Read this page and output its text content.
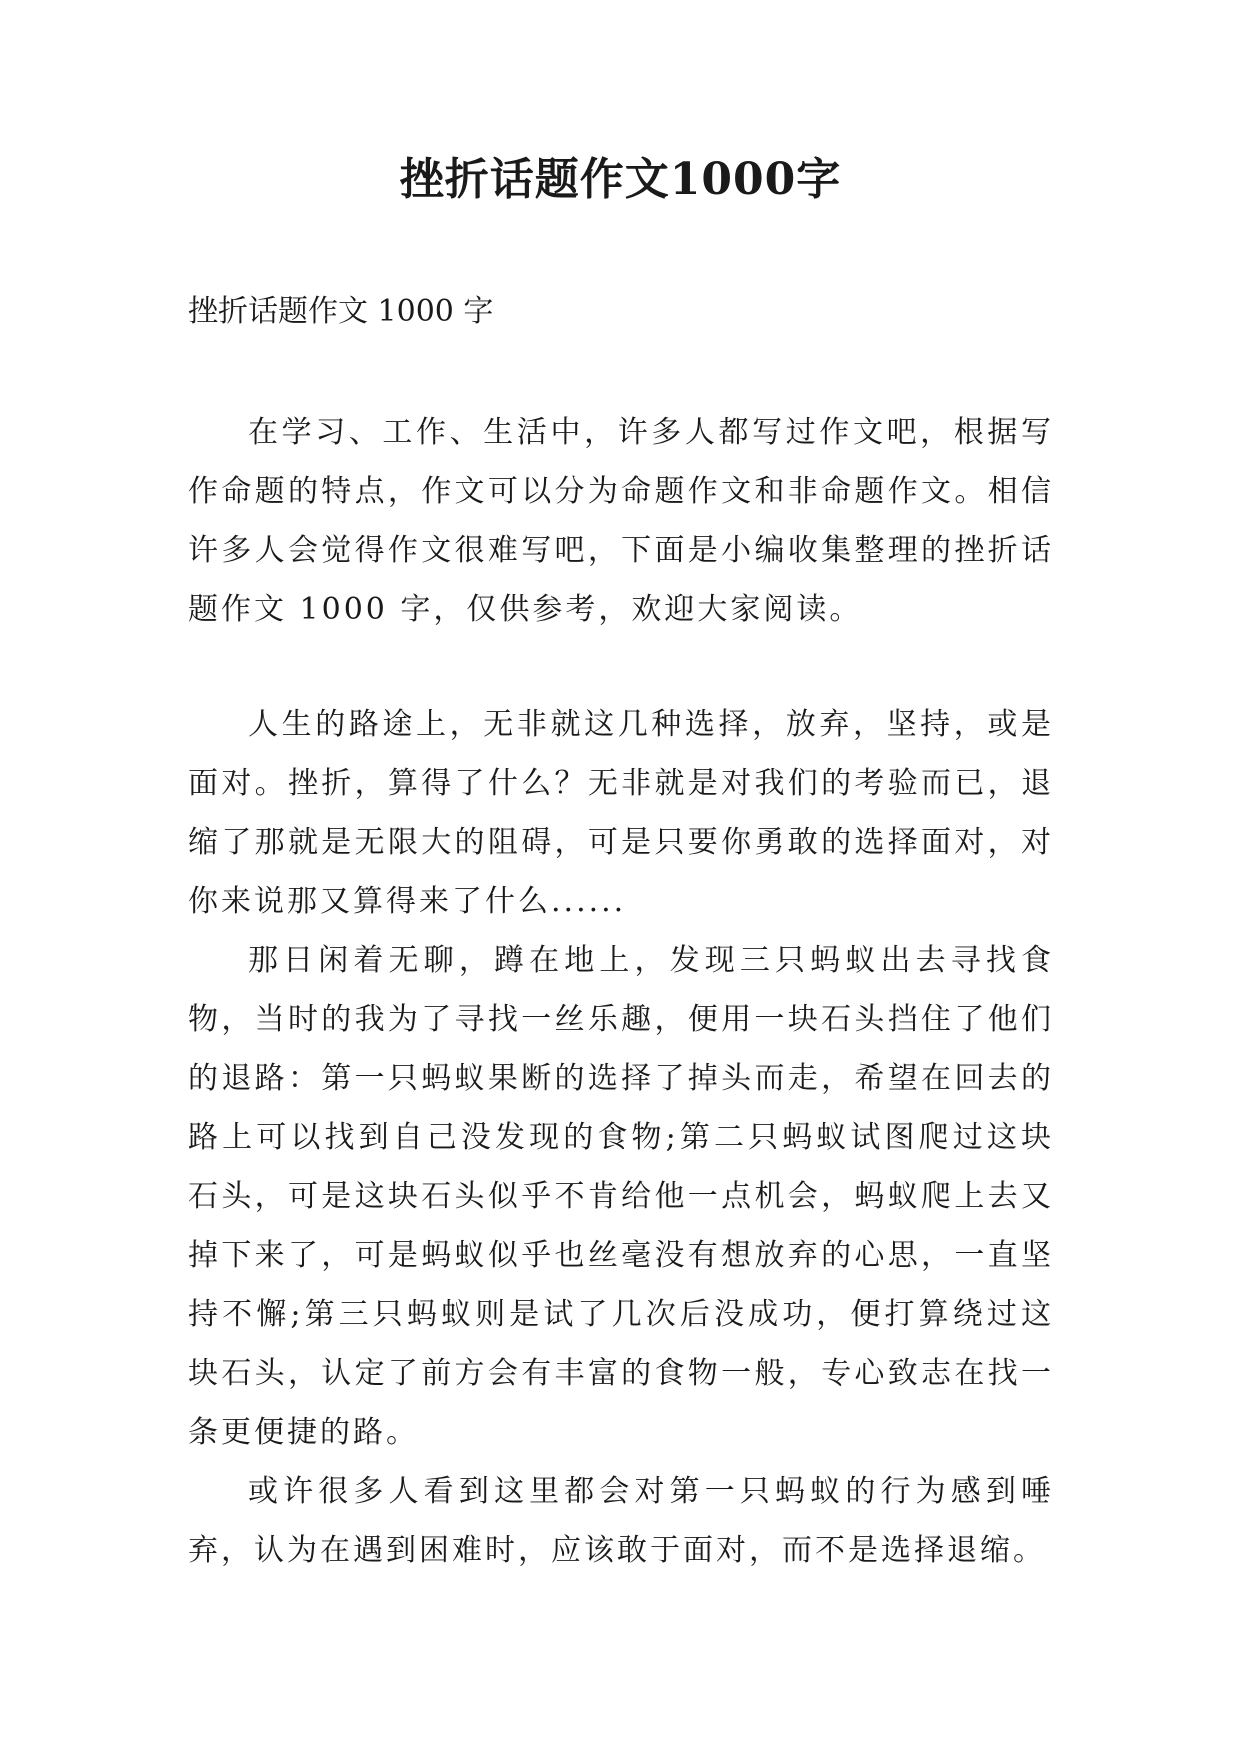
挫折话题作文1000字
挫折话题作文 1000 字

在学习、工作、生活中，许多人都写过作文吧，根据写作命题的特点，作文可以分为命题作文和非命题作文。相信许多人会觉得作文很难写吧，下面是小编收集整理的挫折话题作文 1000 字，仅供参考，欢迎大家阅读。

人生的路途上，无非就这几种选择，放弃，坚持，或是面对。挫折，算得了什么？无非就是对我们的考验而已，退缩了那就是无限大的阻碍，可是只要你勇敢的选择面对，对你来说那又算得来了什么......

那日闲着无聊，蹲在地上，发现三只蚂蚁出去寻找食物，当时的我为了寻找一丝乐趣，便用一块石头挡住了他们的退路：第一只蚂蚁果断的选择了掉头而走，希望在回去的路上可以找到自己没发现的食物;第二只蚂蚁试图爬过这块石头，可是这块石头似乎不肯给他一点机会，蚂蚁爬上去又掉下来了，可是蚂蚁似乎也丝毫没有想放弃的心思，一直坚持不懈;第三只蚂蚁则是试了几次后没成功，便打算绕过这块石头，认定了前方会有丰富的食物一般，专心致志在找一条更便捷的路。

或许很多人看到这里都会对第一只蚂蚁的行为感到唾弃，认为在遇到困难时，应该敢于面对，而不是选择退缩。
